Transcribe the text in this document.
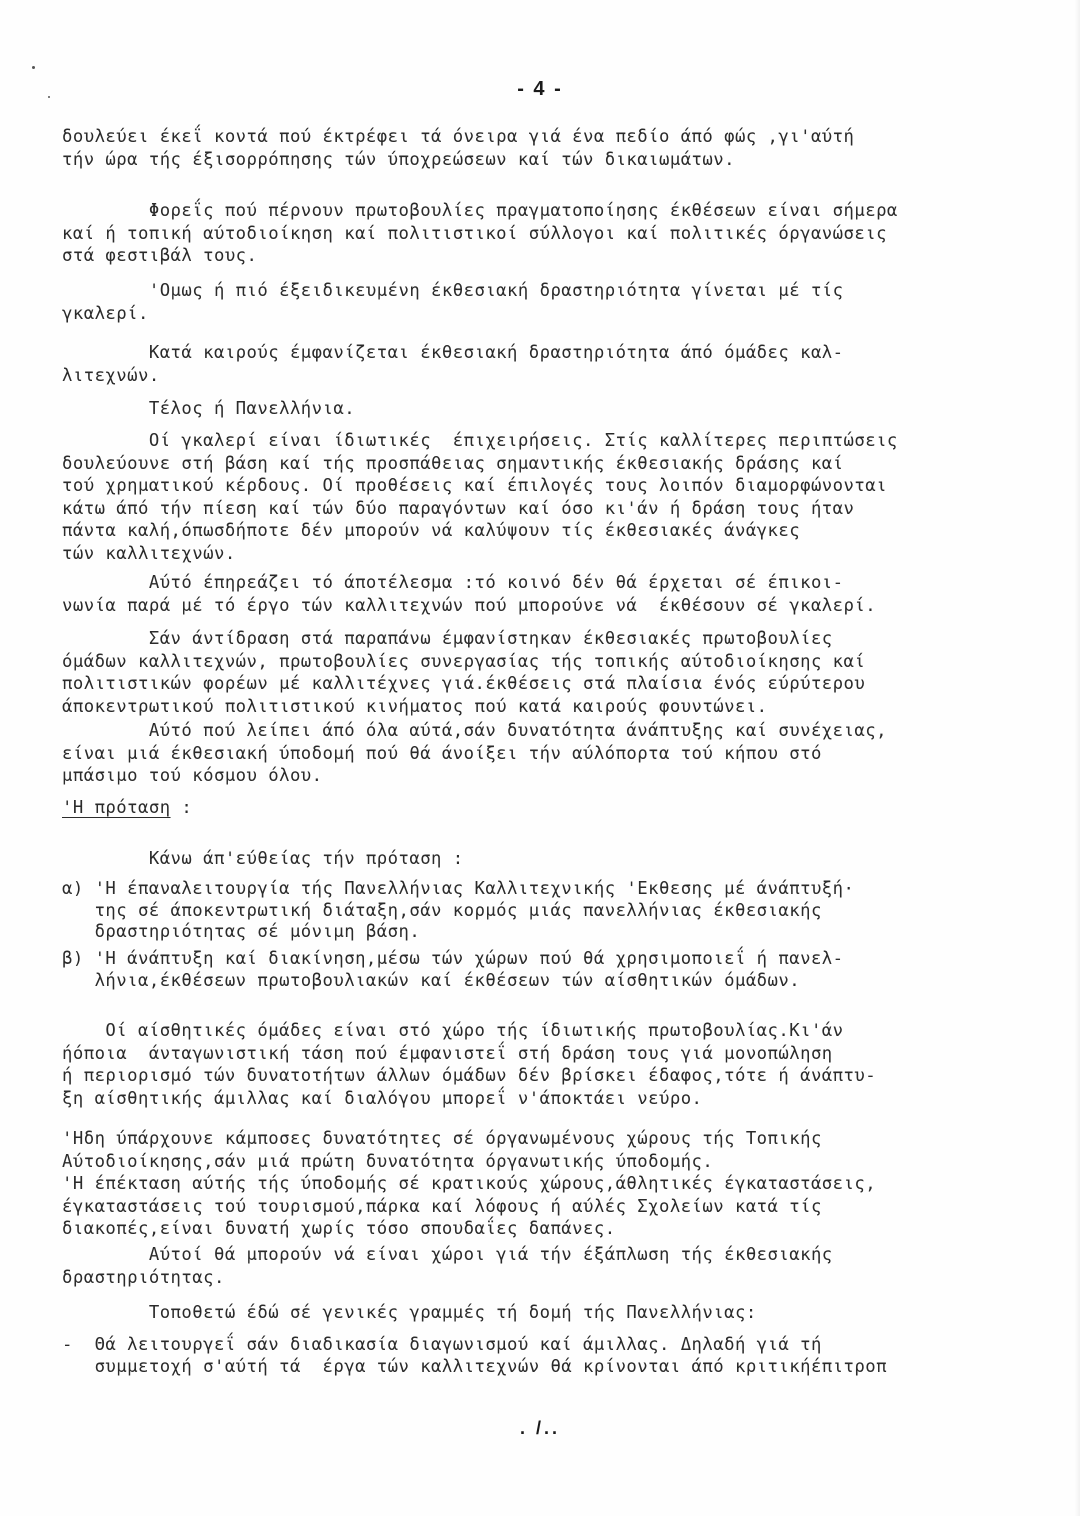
- 4 -
δουλεύει έκεΐ κοντά πού έκτρέφει τά όνειρα γιά ένα πεδίο άπό φώς ,γι'αύτή
τήν ώρα τής έξισορρόπησης τών ύποχρεώσεων καί τών δικαιωμάτων.
Φορεΐς πού πέρνουν πρωτοβουλίες πραγματοποίησης έκθέσεων είναι σήμερα
καί ή τοπική αύτοδιοίκηση καί πολιτιστικοί σύλλογοι καί πολιτικές όργανώσεις
στά φεστιβάλ τους.
'Ομως ή πιό έξειδικευμένη έκθεσιακή δραστηριότητα γίνεται μέ τίς
γκαλερί.
Κατά καιρούς έμφανίζεται έκθεσιακή δραστηριότητα άπό όμάδες καλ-
λιτεχνών.
Τέλος ή Πανελλήνια.
Οί γκαλερί είναι ίδιωτικές  έπιχειρήσεις. Στίς καλλίτερες περιπτώσεις
δουλεύουνε στή βάση καί τής προσπάθειας σημαντικής έκθεσιακής δράσης καί
τού χρηματικού κέρδους. Οί προθέσεις καί έπιλογές τους λοιπόν διαμορφώνονται
κάτω άπό τήν πίεση καί τών δύο παραγόντων καί όσο κι'άν ή δράση τους ήταν
πάντα καλή,όπωσδήποτε δέν μπορούν νά καλύψουν τίς έκθεσιακές άνάγκες
τών καλλιτεχνών.
Αύτό έπηρεάζει τό άποτέλεσμα :τό κοινό δέν θά έρχεται σέ έπικοι-
νωνία παρά μέ τό έργο τών καλλιτεχνών πού μπορούνε νά  έκθέσουν σέ γκαλερί.
Σάν άντίδραση στά παραπάνω έμφανίστηκαν έκθεσιακές πρωτοβουλίες
όμάδων καλλιτεχνών, πρωτοβουλίες συνεργασίας τής τοπικής αύτοδιοίκησης καί
πολιτιστικών φορέων μέ καλλιτέχνες γιά.έκθέσεις στά πλαίσια ένός εύρύτερου
άποκεντρωτικού πολιτιστικού κινήματος πού κατά καιρούς φουντώνει.
Αύτό πού λείπει άπό όλα αύτά,σάν δυνατότητα άνάπτυξης καί συνέχειας,
είναι μιά έκθεσιακή ύποδομή πού θά άνοίξει τήν αύλόπορτα τού κήπου στό
μπάσιμο τού κόσμου όλου.
'Η πρόταση :
Κάνω άπ'εύθείας τήν πρόταση :
α) 'Η έπαναλειτουργία τής Πανελλήνιας Καλλιτεχνικής 'Εκθεσης μέ άνάπτυξή·
της σέ άποκεντρωτική διάταξη,σάν κορμός μιάς πανελλήνιας έκθεσιακής
δραστηριότητας σέ μόνιμη βάση.
β) 'Η άνάπτυξη καί διακίνηση,μέσω τών χώρων πού θά χρησιμοποιεΐ ή πανελ-
λήνια,έκθέσεων πρωτοβουλιακών καί έκθέσεων τών αίσθητικών όμάδων.
Οί αίσθητικές όμάδες είναι στό χώρο τής ίδιωτικής πρωτοβουλίας.Κι'άν
ήόποια  άνταγωνιστική τάση πού έμφανιστεΐ στή δράση τους γιά μονοπώληση
ή περιορισμό τών δυνατοτήτων άλλων όμάδων δέν βρίσκει έδαφος,τότε ή άνάπτυ-
ξη αίσθητικής άμιλλας καί διαλόγου μπορεΐ ν'άποκτάει νεύρο.
'Ηδη ύπάρχουνε κάμποσες δυνατότητες σέ όργανωμένους χώρους τής Τοπικής
Αύτοδιοίκησης,σάν μιά πρώτη δυνατότητα όργανωτικής ύποδομής.
'Η έπέκταση αύτής τής ύποδομής σέ κρατικούς χώρους,άθλητικές έγκαταστάσεις,
έγκαταστάσεις τού τουρισμού,πάρκα καί λόφους ή αύλές Σχολείων κατά τίς
διακοπές,είναι δυνατή χωρίς τόσο σπουδαΐες δαπάνες.
Αύτοί θά μπορούν νά είναι χώροι γιά τήν έξάπλωση τής έκθεσιακής
δραστηριότητας.
Τοποθετώ έδώ σέ γενικές γραμμές τή δομή τής Πανελλήνιας:
-  Θά λειτουργεΐ σάν διαδικασία διαγωνισμού καί άμιλλας. Δηλαδή γιά τή
συμμετοχή σ'αύτή τά  έργα τών καλλιτεχνών θά κρίνονται άπό κριτικήέπιτροπ
. /..
